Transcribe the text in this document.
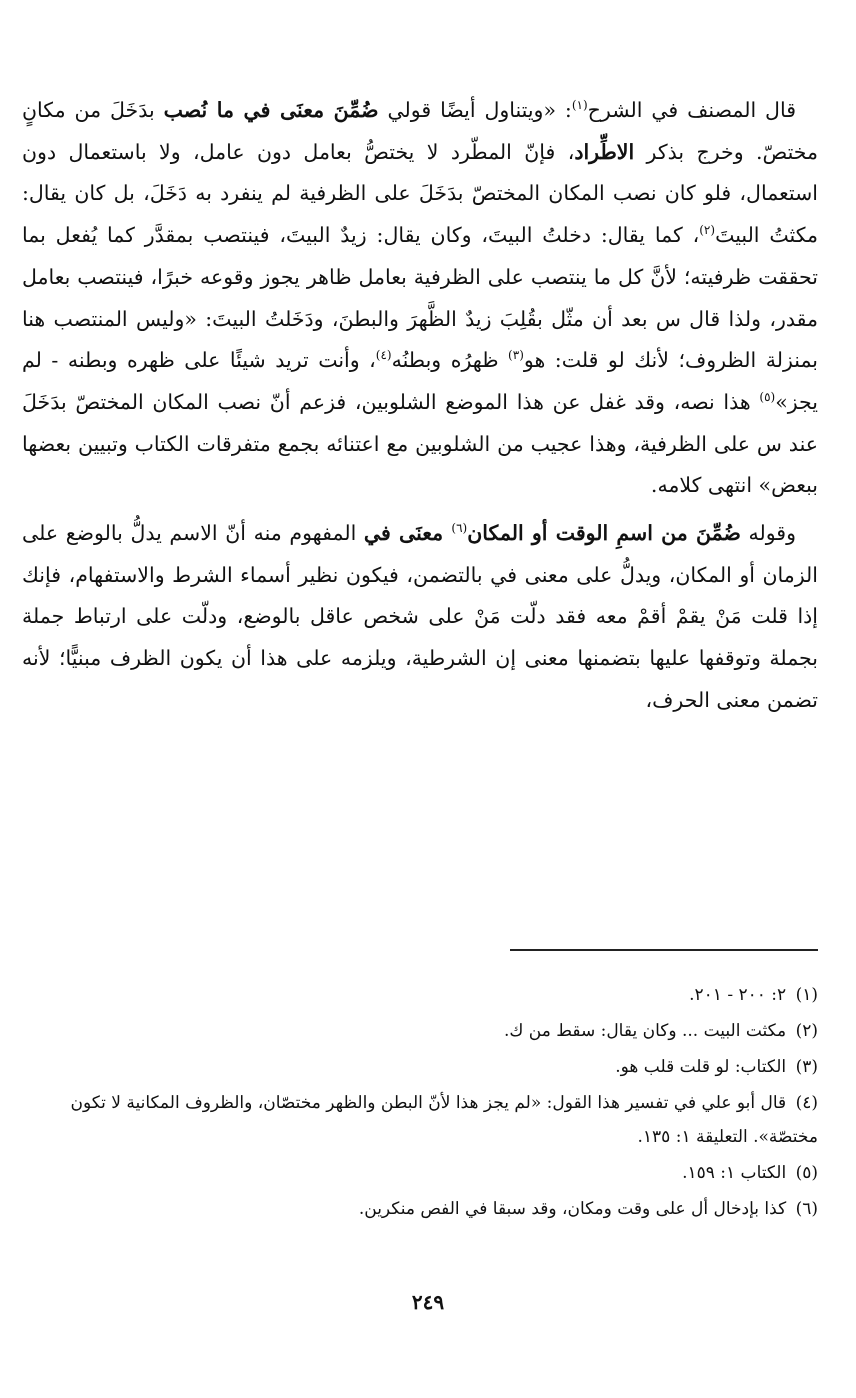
قال المصنف في الشرح$^{(١)}$: «ويتناول أيضًا قولي ضُمِّنَ معنَى في ما نُصب بدَخَلَ من مكانٍ مختصّ. وخرج بذكر الاطِّراد، فإنّ المطّرد لا يختصُّ بعامل دون عامل، ولا باستعمال دون استعمال، فلو كان نصب المكان المختصّ بدَخَلَ على الظرفية لم ينفرد به دَخَلَ، بل كان يقال: مكثتُ البيتَ$^{(٢)}$، كما يقال: دخلتُ البيتَ، وكان يقال: زيدٌ البيتَ، فينتصب بمقدَّر كما يُفعل بما تحققت ظرفيته؛ لأنَّ كل ما ينتصب على الظرفية بعامل ظاهر يجوز وقوعه خبرًا، فينتصب بعامل مقدر، ولذا قال س بعد أن مثّل بقُلِبَ زيدٌ الظَّهرَ والبطنَ، ودَخَلتُ البيتَ: «وليس المنتصب هنا بمنزلة الظروف؛ لأنك لو قلت: هو$^{(٣)}$ ظهرُه وبطنُه$^{(٤)}$، وأنت تريد شيئًا على ظهره وبطنه - لم يجز»$^{(٥)}$ هذا نصه، وقد غفل عن هذا الموضع الشلوبين، فزعم أنّ نصب المكان المختصّ بدَخَلَ عند س على الظرفية، وهذا عجيب من الشلوبين مع اعتنائه بجمع متفرقات الكتاب وتبيين بعضها ببعض» انتهى كلامه.

وقوله ضُمِّنَ من اسمِ الوقت أو المكان$^{(٦)}$ معنَى في المفهوم منه أنّ الاسم يدلُّ بالوضع على الزمان أو المكان، ويدلُّ على معنى في بالتضمن، فيكون نظير أسماء الشرط والاستفهام، فإنك إذا قلت مَنْ يقمْ أقمْ معه فقد دلّت مَنْ على شخص عاقل بالوضع، ودلّت على ارتباط جملة بجملة وتوقفها عليها بتضمنها معنى إن الشرطية، ويلزمه على هذا أن يكون الظرف مبنيًّا؛ لأنه تضمن معنى الحرف،

(١) ٢: ٢٠٠ - ٢٠١.

(٢) مكثت البيت ... وكان يقال: سقط من ك.

(٣) الكتاب: لو قلت قلب هو.

(٤) قال أبو علي في تفسير هذا القول: «لم يجز هذا لأنّ البطن والظهر مختصّان، والظروف المكانية لا تكون مختصّة». التعليقة ١: ١٣٥.

(٥) الكتاب ١: ١٥٩.

(٦) كذا بإدخال أل على وقت ومكان، وقد سبقا في الفص منكرين.

٢٤٩
